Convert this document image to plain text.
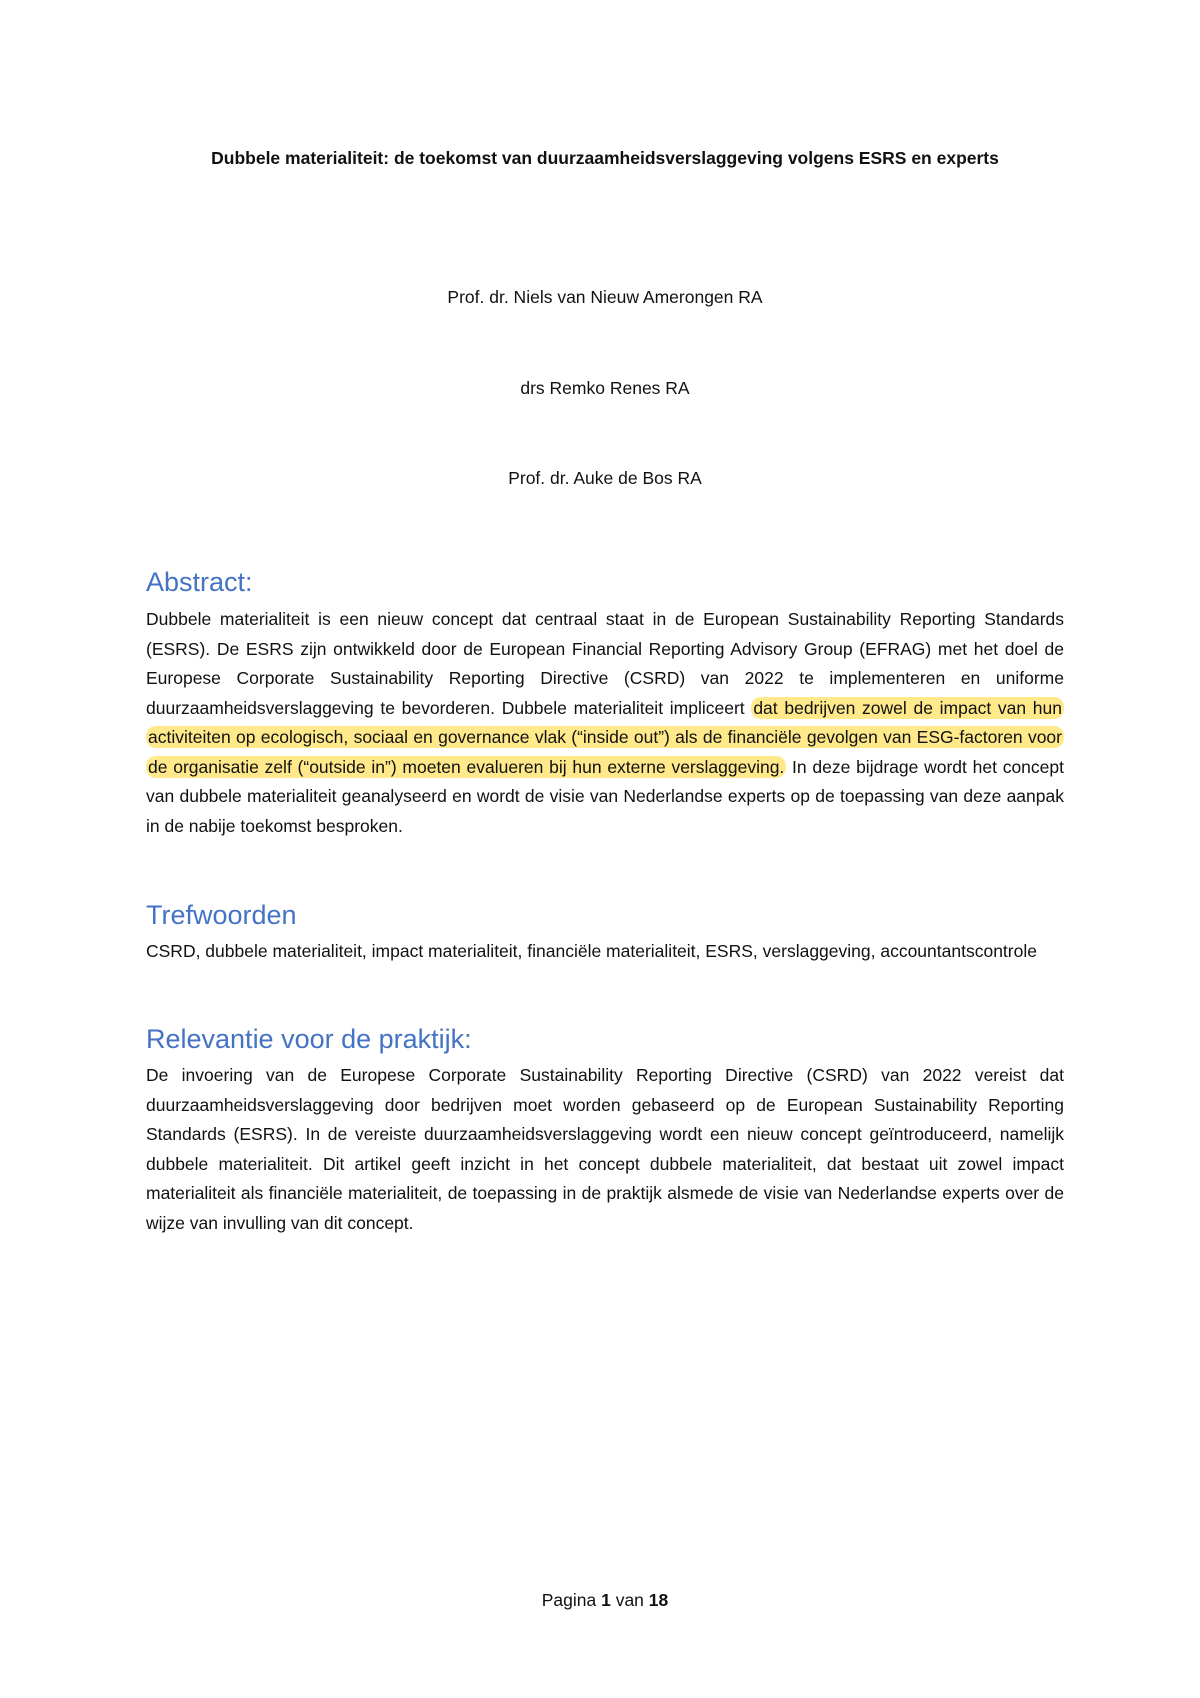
Dubbele materialiteit: de toekomst van duurzaamheidsverslaggeving volgens ESRS en experts
Prof. dr. Niels van Nieuw Amerongen RA
drs Remko Renes RA
Prof. dr. Auke de Bos RA
Abstract:

Dubbele materialiteit is een nieuw concept dat centraal staat in de European Sustainability Reporting Standards (ESRS). De ESRS zijn ontwikkeld door de European Financial Reporting Advisory Group (EFRAG) met het doel de Europese Corporate Sustainability Reporting Directive (CSRD) van 2022 te implementeren en uniforme duurzaamheidsverslaggeving te bevorderen. Dubbele materialiteit impliceert dat bedrijven zowel de impact van hun activiteiten op ecologisch, sociaal en governance vlak (“inside out”) als de financiële gevolgen van ESG-factoren voor de organisatie zelf (“outside in”) moeten evalueren bij hun externe verslaggeving. In deze bijdrage wordt het concept van dubbele materialiteit geanalyseerd en wordt de visie van Nederlandse experts op de toepassing van deze aanpak in de nabije toekomst besproken.

Trefwoorden

CSRD, dubbele materialiteit, impact materialiteit, financiële materialiteit, ESRS, verslaggeving, accountantscontrole

Relevantie voor de praktijk:

De invoering van de Europese Corporate Sustainability Reporting Directive (CSRD) van 2022 vereist dat duurzaamheidsverslaggeving door bedrijven moet worden gebaseerd op de European Sustainability Reporting Standards (ESRS). In de vereiste duurzaamheidsverslaggeving wordt een nieuw concept geïntroduceerd, namelijk dubbele materialiteit. Dit artikel geeft inzicht in het concept dubbele materialiteit, dat bestaat uit zowel impact materialiteit als financiële materialiteit, de toepassing in de praktijk alsmede de visie van Nederlandse experts over de wijze van invulling van dit concept.

Pagina 1 van 18
